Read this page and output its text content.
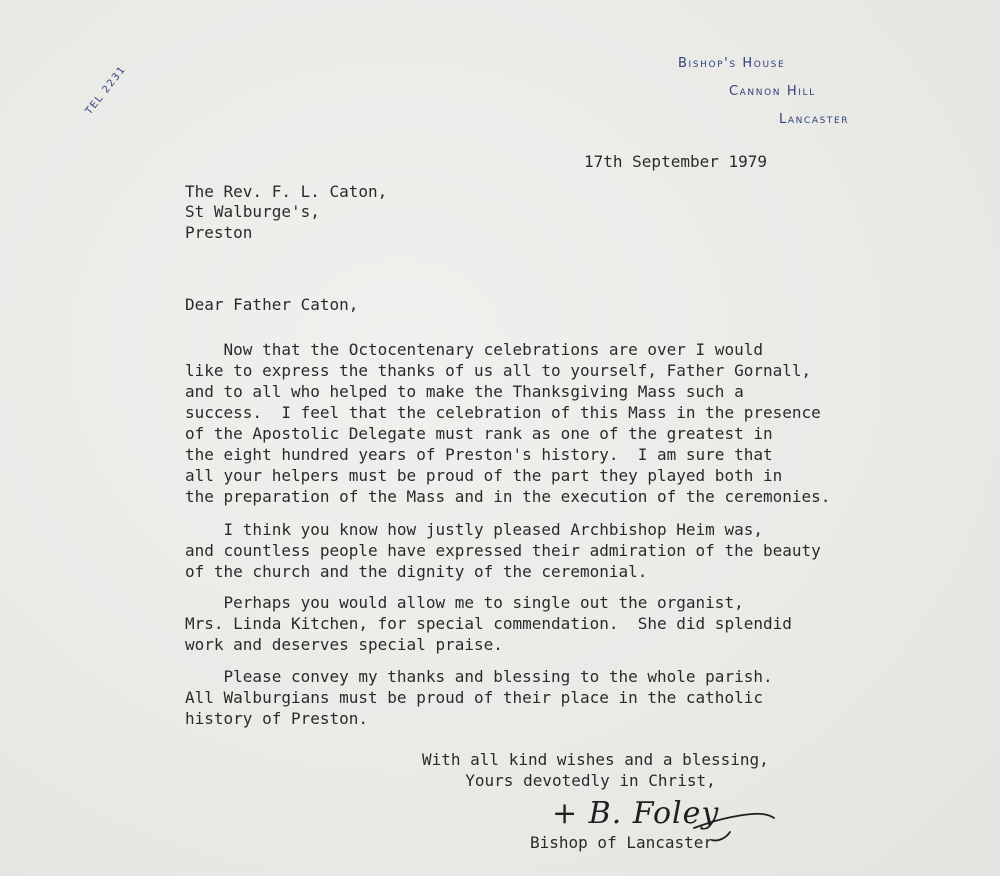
Bishop's House
Cannon Hill
Lancaster
TEL 2231
17th September 1979
The Rev. F. L. Caton,
St Walburge's,
Preston
Dear Father Caton,
Now that the Octocentenary celebrations are over I would
like to express the thanks of us all to yourself, Father Gornall,
and to all who helped to make the Thanksgiving Mass such a
success.  I feel that the celebration of this Mass in the presence
of the Apostolic Delegate must rank as one of the greatest in
the eight hundred years of Preston's history.  I am sure that
all your helpers must be proud of the part they played both in
the preparation of the Mass and in the execution of the ceremonies.
I think you know how justly pleased Archbishop Heim was,
and countless people have expressed their admiration of the beauty
of the church and the dignity of the ceremonial.
Perhaps you would allow me to single out the organist,
Mrs. Linda Kitchen, for special commendation.  She did splendid
work and deserves special praise.
Please convey my thanks and blessing to the whole parish.
All Walburgians must be proud of their place in the catholic
history of Preston.
With all kind wishes and a blessing,
Yours devotedly in Christ,
+ B. Foley
Bishop of Lancaster
